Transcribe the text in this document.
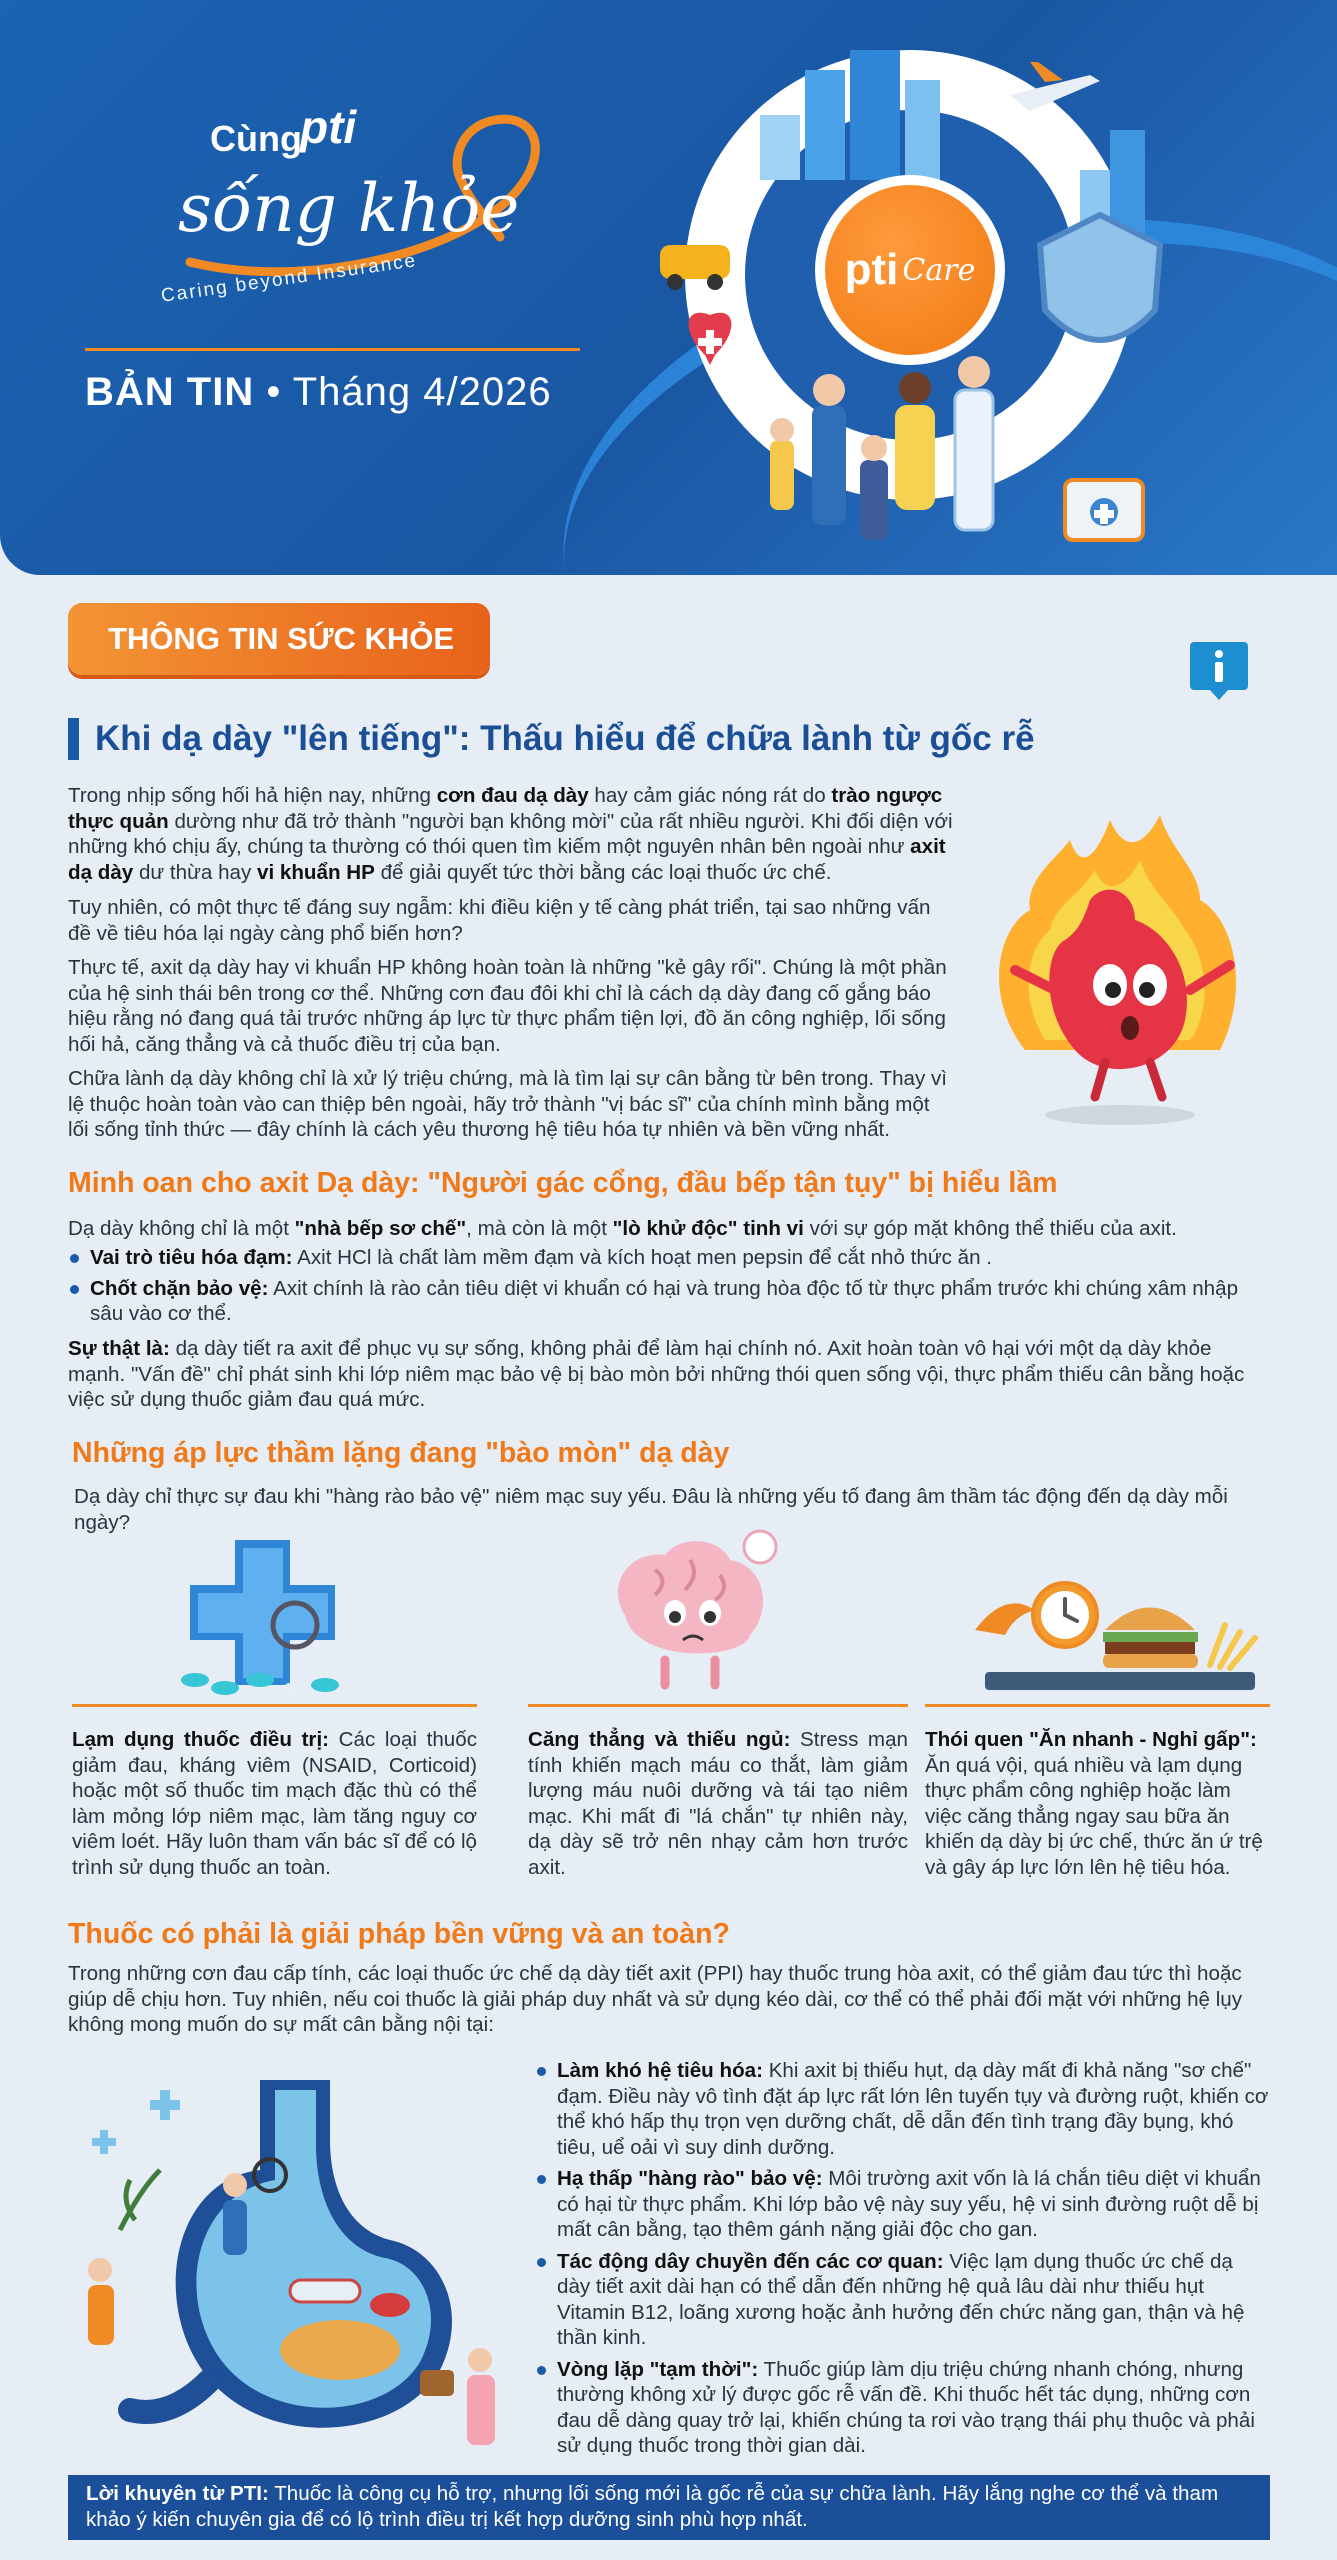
Cùng
pti
sống khỏe
Caring beyond Insurance
BẢN TIN • Tháng 4/2026
pti Care
THÔNG TIN SỨC KHỎE
Khi dạ dày "lên tiếng": Thấu hiểu để chữa lành từ gốc rễ
Trong nhịp sống hối hả hiện nay, những cơn đau dạ dày hay cảm giác nóng rát do trào ngược thực quản dường như đã trở thành "người bạn không mời" của rất nhiều người. Khi đối diện với những khó chịu ấy, chúng ta thường có thói quen tìm kiếm một nguyên nhân bên ngoài như axit dạ dày dư thừa hay vi khuẩn HP để giải quyết tức thời bằng các loại thuốc ức chế.
Tuy nhiên, có một thực tế đáng suy ngẫm: khi điều kiện y tế càng phát triển, tại sao những vấn đề về tiêu hóa lại ngày càng phổ biến hơn?
Thực tế, axit dạ dày hay vi khuẩn HP không hoàn toàn là những "kẻ gây rối". Chúng là một phần của hệ sinh thái bên trong cơ thể. Những cơn đau đôi khi chỉ là cách dạ dày đang cố gắng báo hiệu rằng nó đang quá tải trước những áp lực từ thực phẩm tiện lợi, đồ ăn công nghiệp, lối sống hối hả, căng thẳng và cả thuốc điều trị của bạn.
Chữa lành dạ dày không chỉ là xử lý triệu chứng, mà là tìm lại sự cân bằng từ bên trong. Thay vì lệ thuộc hoàn toàn vào can thiệp bên ngoài, hãy trở thành "vị bác sĩ" của chính mình bằng một lối sống tỉnh thức — đây chính là cách yêu thương hệ tiêu hóa tự nhiên và bền vững nhất.
Minh oan cho axit Dạ dày: "Người gác cổng, đầu bếp tận tụy" bị hiểu lầm
Dạ dày không chỉ là một "nhà bếp sơ chế", mà còn là một "lò khử độc" tinh vi với sự góp mặt không thể thiếu của axit.
Vai trò tiêu hóa đạm: Axit HCl là chất làm mềm đạm và kích hoạt men pepsin để cắt nhỏ thức ăn .
Chốt chặn bảo vệ: Axit chính là rào cản tiêu diệt vi khuẩn có hại và trung hòa độc tố từ thực phẩm trước khi chúng xâm nhập sâu vào cơ thể.
Sự thật là: dạ dày tiết ra axit để phục vụ sự sống, không phải để làm hại chính nó. Axit hoàn toàn vô hại với một dạ dày khỏe mạnh. "Vấn đề" chỉ phát sinh khi lớp niêm mạc bảo vệ bị bào mòn bởi những thói quen sống vội, thực phẩm thiếu cân bằng hoặc việc sử dụng thuốc giảm đau quá mức.
Những áp lực thầm lặng đang "bào mòn" dạ dày
Dạ dày chỉ thực sự đau khi "hàng rào bảo vệ" niêm mạc suy yếu. Đâu là những yếu tố đang âm thầm tác động đến dạ dày mỗi ngày?
Lạm dụng thuốc điều trị: Các loại thuốc giảm đau, kháng viêm (NSAID, Corticoid) hoặc một số thuốc tim mạch đặc thù có thể làm mỏng lớp niêm mạc, làm tăng nguy cơ viêm loét. Hãy luôn tham vấn bác sĩ để có lộ trình sử dụng thuốc an toàn.
Căng thẳng và thiếu ngủ: Stress mạn tính khiến mạch máu co thắt, làm giảm lượng máu nuôi dưỡng và tái tạo niêm mạc. Khi mất đi "lá chắn" tự nhiên này, dạ dày sẽ trở nên nhạy cảm hơn trước axit.
Thói quen "Ăn nhanh - Nghỉ gấp": Ăn quá vội, quá nhiều và lạm dụng thực phẩm công nghiệp hoặc làm việc căng thẳng ngay sau bữa ăn khiến dạ dày bị ức chế, thức ăn ứ trệ và gây áp lực lớn lên hệ tiêu hóa.
Thuốc có phải là giải pháp bền vững và an toàn?
Trong những cơn đau cấp tính, các loại thuốc ức chế dạ dày tiết axit (PPI) hay thuốc trung hòa axit, có thể giảm đau tức thì hoặc giúp dễ chịu hơn. Tuy nhiên, nếu coi thuốc là giải pháp duy nhất và sử dụng kéo dài, cơ thể có thể phải đối mặt với những hệ lụy không mong muốn do sự mất cân bằng nội tại:
Làm khó hệ tiêu hóa: Khi axit bị thiếu hụt, dạ dày mất đi khả năng "sơ chế" đạm. Điều này vô tình đặt áp lực rất lớn lên tuyến tụy và đường ruột, khiến cơ thể khó hấp thụ trọn vẹn dưỡng chất, dễ dẫn đến tình trạng đầy bụng, khó tiêu, uể oải vì suy dinh dưỡng.
Hạ thấp "hàng rào" bảo vệ: Môi trường axit vốn là lá chắn tiêu diệt vi khuẩn có hại từ thực phẩm. Khi lớp bảo vệ này suy yếu, hệ vi sinh đường ruột dễ bị mất cân bằng, tạo thêm gánh nặng giải độc cho gan.
Tác động dây chuyền đến các cơ quan: Việc lạm dụng thuốc ức chế dạ dày tiết axit dài hạn có thể dẫn đến những hệ quả lâu dài như thiếu hụt Vitamin B12, loãng xương hoặc ảnh hưởng đến chức năng gan, thận và hệ thần kinh.
Vòng lặp "tạm thời": Thuốc giúp làm dịu triệu chứng nhanh chóng, nhưng thường không xử lý được gốc rễ vấn đề. Khi thuốc hết tác dụng, những cơn đau dễ dàng quay trở lại, khiến chúng ta rơi vào trạng thái phụ thuộc và phải sử dụng thuốc trong thời gian dài.
Lời khuyên từ PTI: Thuốc là công cụ hỗ trợ, nhưng lối sống mới là gốc rễ của sự chữa lành. Hãy lắng nghe cơ thể và tham khảo ý kiến chuyên gia để có lộ trình điều trị kết hợp dưỡng sinh phù hợp nhất.
